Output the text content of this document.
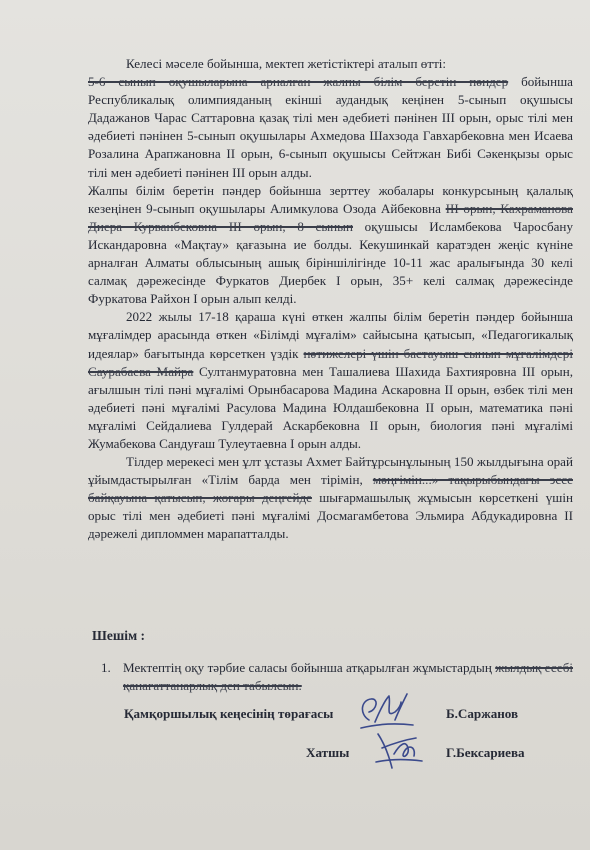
Келесі мәселе бойынша, мектеп жетістіктері аталып өтті:

5-6 сынып оқушыларына арналған жалпы білім беретін пәндер бойынша Республикалық олимпияданың екінші аудандық кеңінен 5-сынып оқушысы Дадажанов Чарас Саттаровна қазақ тілі мен әдебиеті пәнінен III орын, орыс тілі мен әдебиеті пәнінен 5-сынып оқушылары Ахмедова Шахзода Гавхарбековна мен Исаева Розалина Арапжановна II орын, 6-сынып оқушысы Сейтжан Бибі Сәкенқызы орыс тілі мен әдебиеті пәнінен III орын алды.

Жалпы білім беретін пәндер бойынша зерттеу жобалары конкурсының қалалық кезеңінен 9-сынып оқушылары Алимкулова Озода Айбековна III орын, Кахраманова Диера Курванбековна III орын, 8 сынып оқушысы Исламбекова Чаросбану Искандаровна «Мақтау» қағазына ие болды. Кекушинкай каратэден жеңіс күніне арналған Алматы облысының ашық біріншілігінде 10-11 жас аралығында 30 келі салмақ дәрежесінде Фуркатов Диербек I орын, 35+ келі салмақ дәрежесінде Фуркатова Райхон I орын алып келді.

2022 жылы 17-18 қараша күні өткен жалпы білім беретін пәндер бойынша мұғалімдер арасында өткен «Білімді мұғалім» сайысына қатысып, «Педагогикалық идеялар» бағытында көрсеткен үздік нәтижелері үшін бастауыш сынып мұғалімдері Саурабаева Майра Султанмуратовна мен Ташалиева Шахида Бахтияровна III орын, ағылшын тілі пәні мұғалімі Орынбасарова Мадина Аскаровна II орын, өзбек тілі мен әдебиеті пәні мұғалімі Расулова Мадина Юлдашбековна II орын, математика пәні мұғалімі Сейдалиева Гулдерай Аскарбековна II орын, биология пәні мұғалімі Жумабекова Сандуғаш Тулеутаевна I орын алды.

Тілдер мерекесі мен ұлт ұстазы Ахмет Байтұрсынұлының 150 жылдығына орай ұйымдастырылған «Тілім барда мен тірімін, мәңгімін...» тақырыбындағы эссе байқауына қатысып, жоғары деңгейде шығармашылық жұмысын көрсеткені үшін орыс тілі мен әдебиеті пәні мұғалімі Досмагамбетова Эльмира Абдукадировна II дәрежелі дипломмен марапатталды.

Шешім :
1. Мектептің оқу тәрбие саласы бойынша атқарылған жұмыстардың жылдық есебі қанағаттанарлық деп табылсын.
Қамқоршылық кеңесінің төрағасы	Б.Саржанов
Хатшы	Г.Бексариева
